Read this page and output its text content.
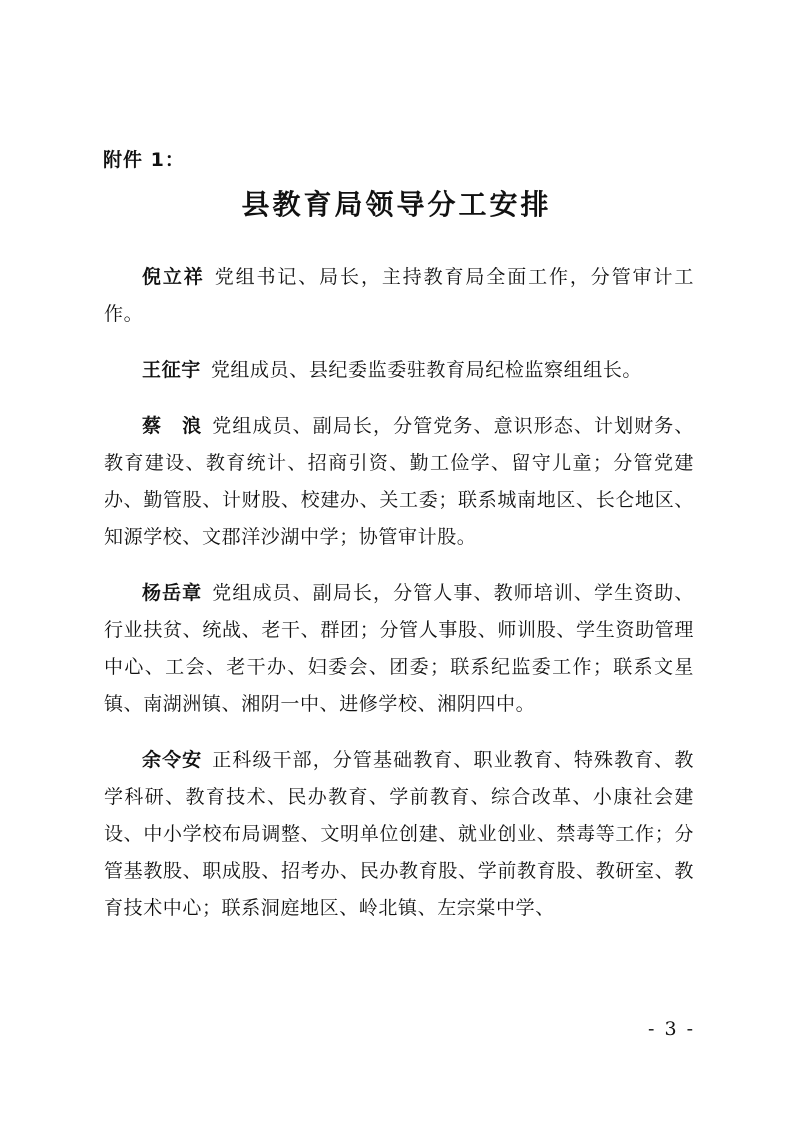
附件 1：
县教育局领导分工安排

倪立祥 党组书记、局长，主持教育局全面工作，分管审计工作。

王征宇 党组成员、县纪委监委驻教育局纪检监察组组长。

蔡　浪 党组成员、副局长，分管党务、意识形态、计划财务、教育建设、教育统计、招商引资、勤工俭学、留守儿童；分管党建办、勤管股、计财股、校建办、关工委；联系城南地区、长仑地区、知源学校、文郡洋沙湖中学；协管审计股。

杨岳章 党组成员、副局长，分管人事、教师培训、学生资助、行业扶贫、统战、老干、群团；分管人事股、师训股、学生资助管理中心、工会、老干办、妇委会、团委；联系纪监委工作；联系文星镇、南湖洲镇、湘阴一中、进修学校、湘阴四中。

余令安 正科级干部，分管基础教育、职业教育、特殊教育、教学科研、教育技术、民办教育、学前教育、综合改革、小康社会建设、中小学校布局调整、文明单位创建、就业创业、禁毒等工作；分管基教股、职成股、招考办、民办教育股、学前教育股、教研室、教育技术中心；联系洞庭地区、岭北镇、左宗棠中学、

- 3 -
